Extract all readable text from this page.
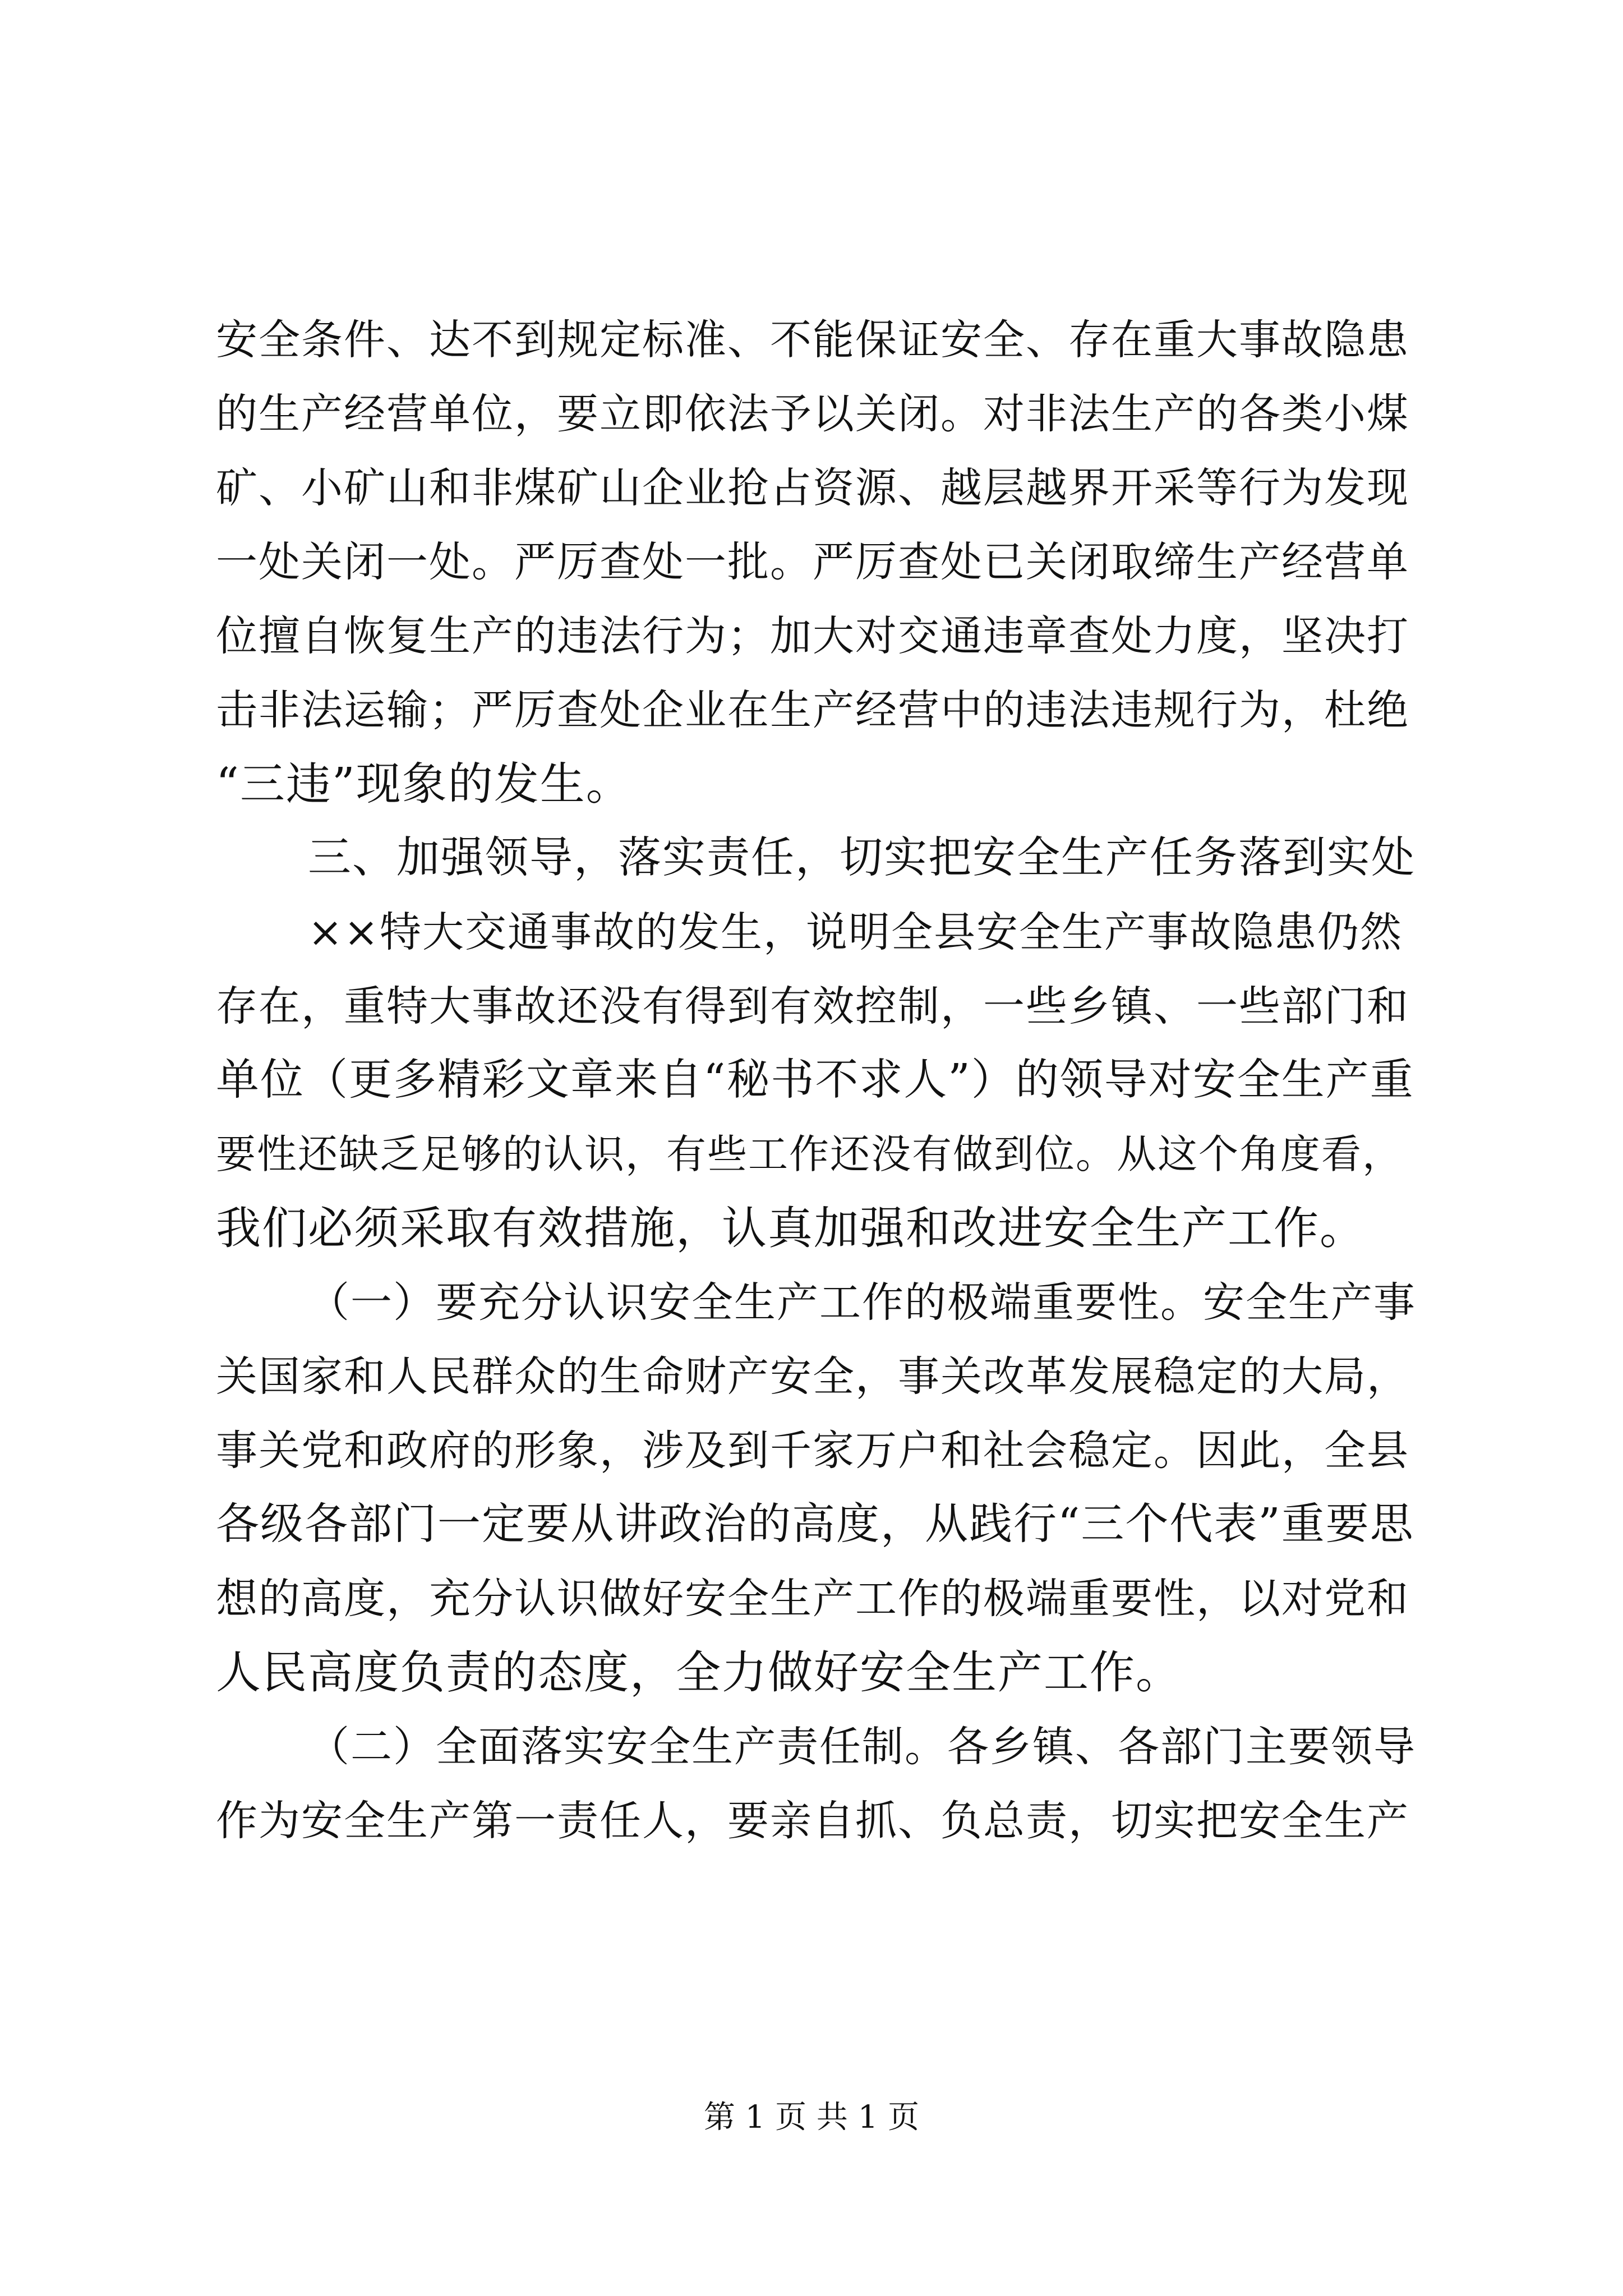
安全条件、达不到规定标准、不能保证安全、存在重大事故隐患
的生产经营单位，要立即依法予以关闭。对非法生产的各类小煤
矿、小矿山和非煤矿山企业抢占资源、越层越界开采等行为发现
一处关闭一处。严厉查处一批。严厉查处已关闭取缔生产经营单
位擅自恢复生产的违法行为；加大对交通违章查处力度，坚决打
击非法运输；严厉查处企业在生产经营中的违法违规行为，杜绝
“三违”现象的发生。
三、加强领导，落实责任，切实把安全生产任务落到实处
××特大交通事故的发生，说明全县安全生产事故隐患仍然
存在，重特大事故还没有得到有效控制，一些乡镇、一些部门和
单位（更多精彩文章来自“秘书不求人”）的领导对安全生产重
要性还缺乏足够的认识，有些工作还没有做到位。从这个角度看，
我们必须采取有效措施，认真加强和改进安全生产工作。
（一）要充分认识安全生产工作的极端重要性。安全生产事
关国家和人民群众的生命财产安全，事关改革发展稳定的大局，
事关党和政府的形象，涉及到千家万户和社会稳定。因此，全县
各级各部门一定要从讲政治的高度，从践行“三个代表”重要思
想的高度，充分认识做好安全生产工作的极端重要性，以对党和
人民高度负责的态度，全力做好安全生产工作。
（二）全面落实安全生产责任制。各乡镇、各部门主要领导
作为安全生产第一责任人，要亲自抓、负总责，切实把安全生产
第 1 页 共 1 页
